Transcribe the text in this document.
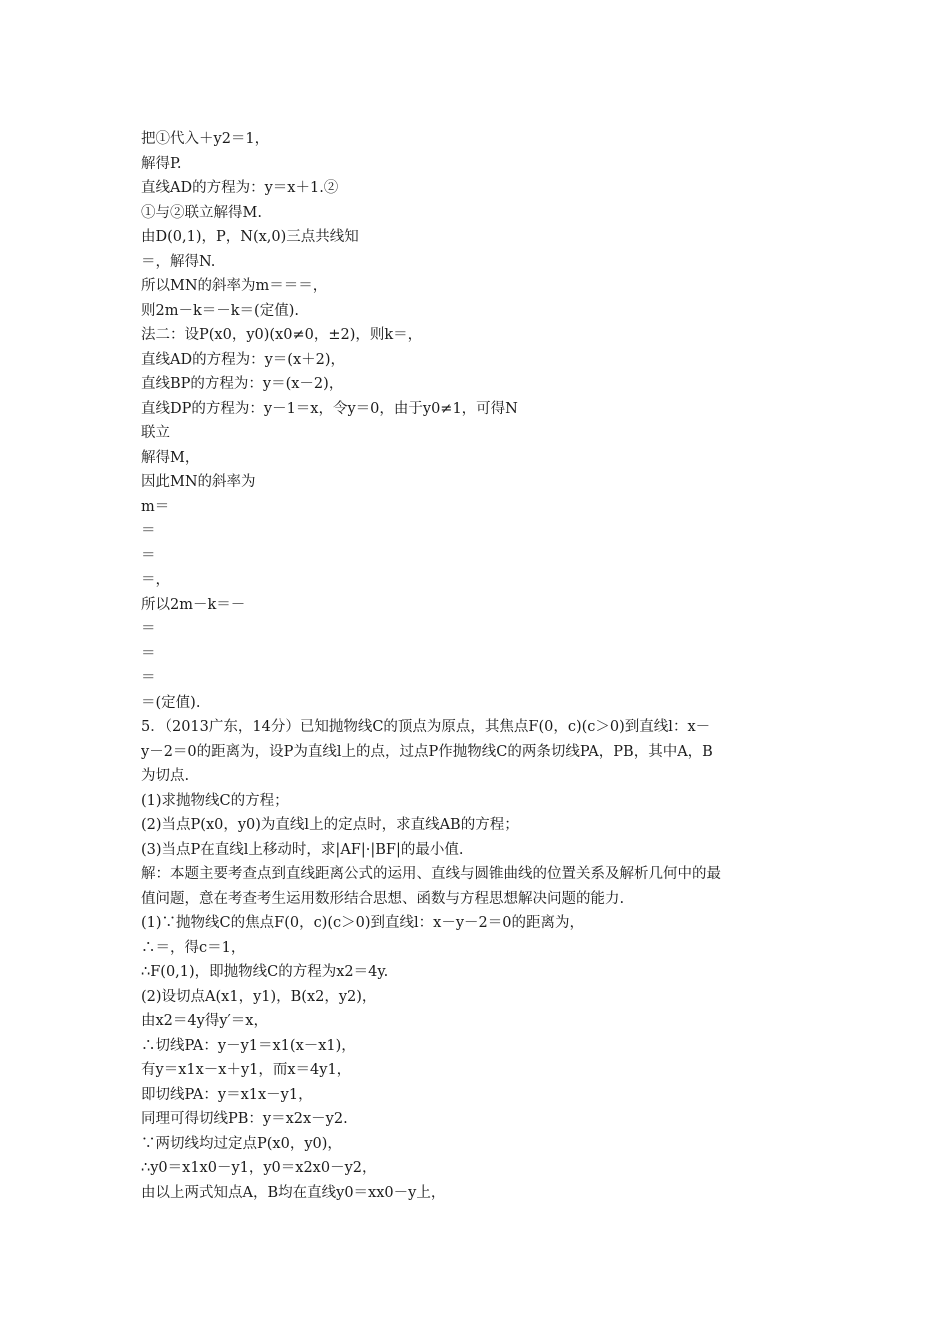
把①代入＋y2＝1，
解得P.
直线AD的方程为：y＝x＋1.②
①与②联立解得M.
由D(0,1)，P，N(x,0)三点共线知
＝，解得N.
所以MN的斜率为m＝＝＝，
则2m－k＝－k＝(定值).
法二：设P(x0，y0)(x0≠0，±2)，则k＝，
直线AD的方程为：y＝(x＋2)，
直线BP的方程为：y＝(x－2)，
直线DP的方程为：y－1＝x，令y＝0，由于y0≠1，可得N
联立
解得M，
因此MN的斜率为
m＝
＝
＝
＝，
所以2m－k＝－
＝
＝
＝
＝(定值).
5．（2013广东，14分）已知抛物线C的顶点为原点，其焦点F(0，c)(c＞0)到直线l：x－
y－2＝0的距离为，设P为直线l上的点，过点P作抛物线C的两条切线PA，PB，其中A，B
为切点.
(1)求抛物线C的方程；
(2)当点P(x0，y0)为直线l上的定点时，求直线AB的方程；
(3)当点P在直线l上移动时，求|AF|·|BF|的最小值.
解：本题主要考查点到直线距离公式的运用、直线与圆锥曲线的位置关系及解析几何中的最
值问题，意在考查考生运用数形结合思想、函数与方程思想解决问题的能力.
(1)∵抛物线C的焦点F(0，c)(c＞0)到直线l：x－y－2＝0的距离为，
∴＝，得c＝1，
∴F(0,1)，即抛物线C的方程为x2＝4y.
(2)设切点A(x1，y1)，B(x2，y2)，
由x2＝4y得y′＝x，
∴切线PA：y－y1＝x1(x－x1)，
有y＝x1x－x＋y1，而x＝4y1，
即切线PA：y＝x1x－y1，
同理可得切线PB：y＝x2x－y2.
∵两切线均过定点P(x0，y0)，
∴y0＝x1x0－y1，y0＝x2x0－y2，
由以上两式知点A，B均在直线y0＝xx0－y上，
